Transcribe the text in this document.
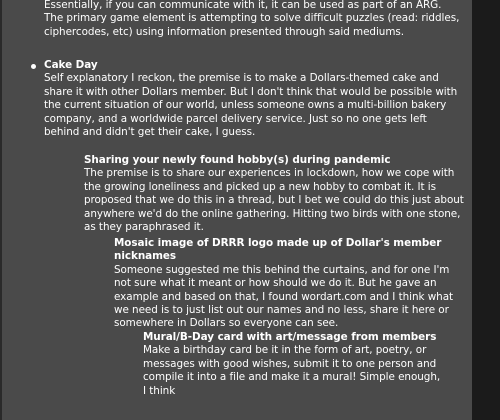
Essentially, if you can communicate with it, it can be used as part of an ARG. The primary game element is attempting to solve difficult puzzles (read: riddles, ciphercodes, etc) using information presented through said mediums.

Cake Day

Self explanatory I reckon, the premise is to make a Dollars-themed cake and share it with other Dollars member. But I don't think that would be possible with the current situation of our world, unless someone owns a multi-billion bakery company, and a worldwide parcel delivery service. Just so no one gets left behind and didn't get their cake, I guess.

Sharing your newly found hobby(s) during pandemic

The premise is to share our experiences in lockdown, how we cope with the growing loneliness and picked up a new hobby to combat it. It is proposed that we do this in a thread, but I bet we could do this just about anywhere we'd do the online gathering. Hitting two birds with one stone, as they paraphrased it.

Mosaic image of DRRR logo made up of Dollar's member nicknames

Someone suggested me this behind the curtains, and for one I'm not sure what it meant or how should we do it. But he gave an example and based on that, I found wordart.com and I think what we need is to just list out our names and no less, share it here or somewhere in Dollars so everyone can see.

Mural/B-Day card with art/message from members

Make a birthday card be it in the form of art, poetry, or messages with good wishes, submit it to one person and compile it into a file and make it a mural! Simple enough, I think
